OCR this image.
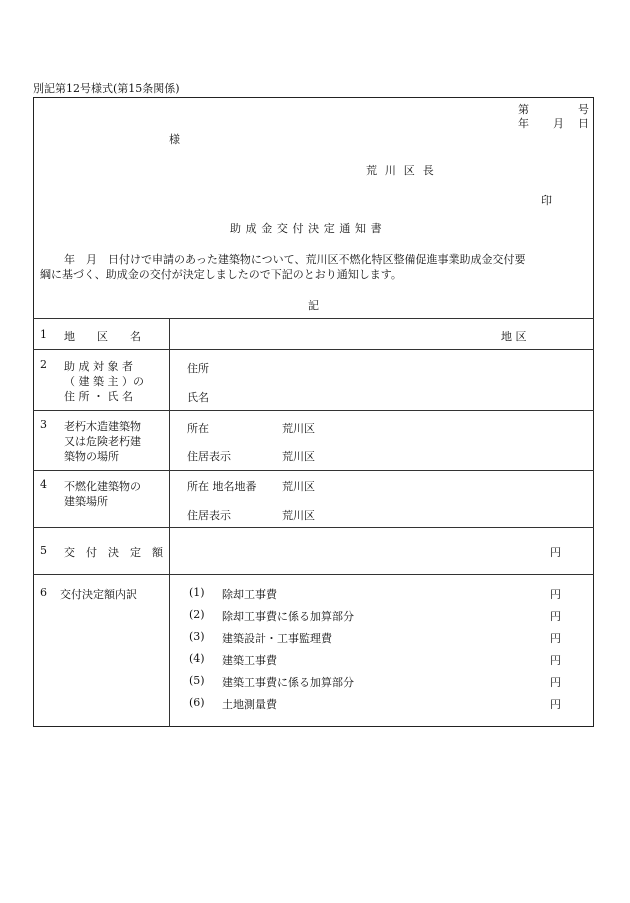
別記第12号様式(第15条関係)
第	号
年 月 日
様
荒 川 区 長
印
助成金交付決定通知書
年　月　日付けで申請のあった建築物について、荒川区不燃化特区整備促進事業助成金交付要
綱に基づく、助成金の交付が決定しましたので下記のとおり通知します。
記
1 地　　区　　名	地 区
2 助 成 対 象 者
（ 建 築 主 ）の
住 所 ・ 氏 名
住所
氏名
3 老朽木造建築物
又は危険老朽建
築物の場所
所在	荒川区
住居表示	荒川区
4 不燃化建築物の
建築場所
所在 地名地番 荒川区
住居表示	荒川区
5 交　付　決　定　額	円
6 交付決定額内訳	(1) 除却工事費	円
(2) 除却工事費に係る加算部分	円
(3) 建築設計・工事監理費	円
(4) 建築工事費	円
(5) 建築工事費に係る加算部分	円
(6) 土地測量費	円
